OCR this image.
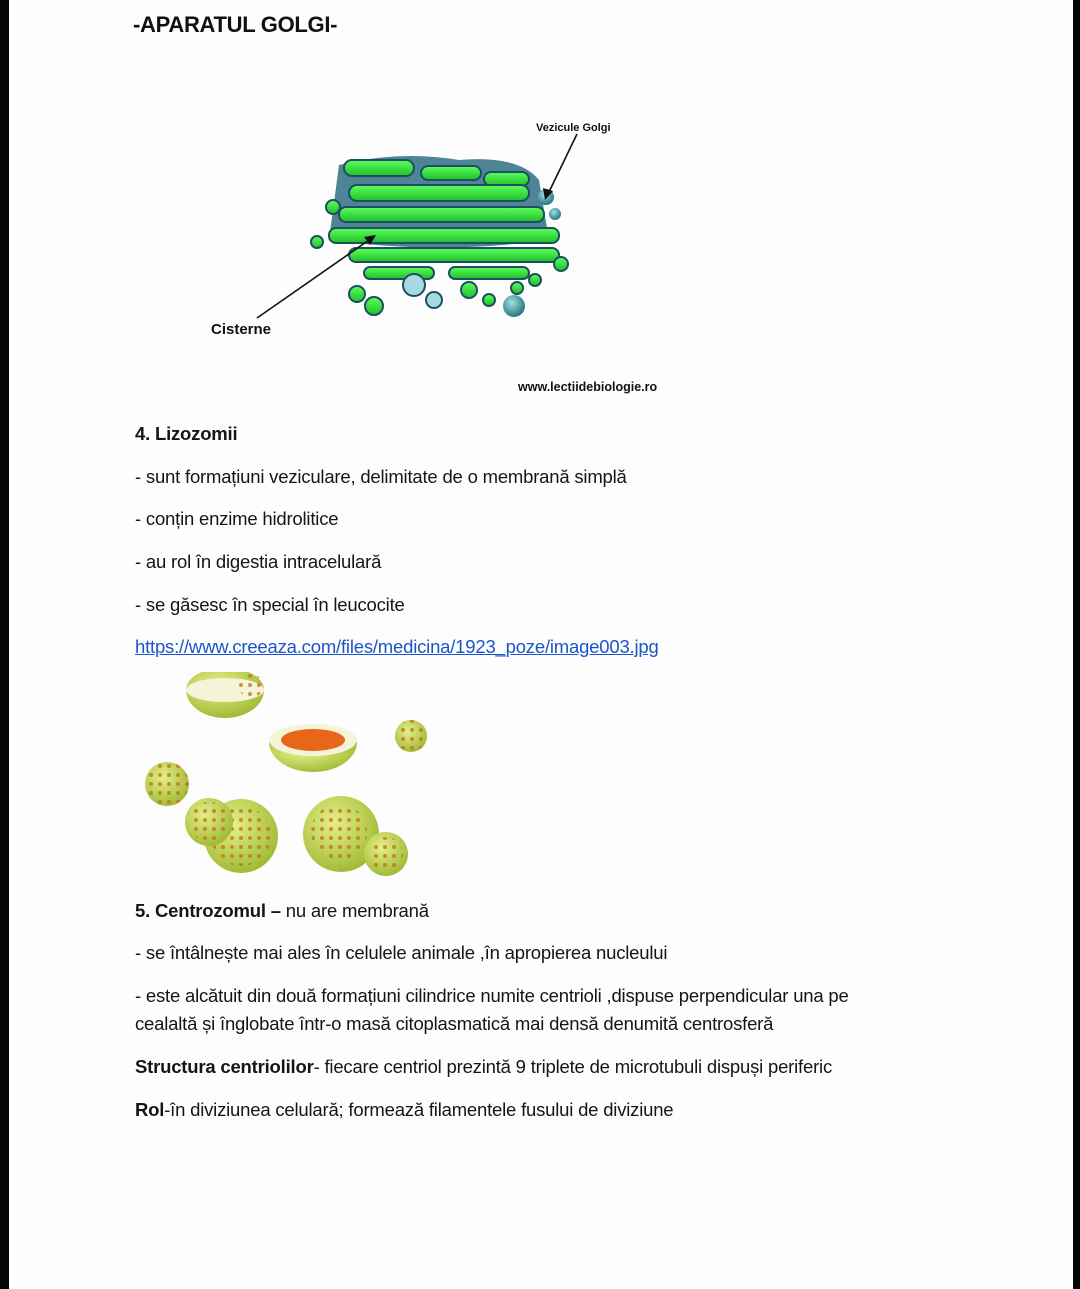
-APARATUL GOLGI-
Vezicule Golgi
Cisterne
www.lectiidebiologie.ro
4. Lizozomii
- sunt formațiuni veziculare, delimitate de o membrană simplă
- conțin enzime hidrolitice
- au rol în digestia intracelulară
- se găsesc în special în leucocite
https://www.creeaza.com/files/medicina/1923_poze/image003.jpg
5. Centrozomul – nu are membrană
- se întâlnește mai ales în celulele animale ,în apropierea nucleului
- este alcătuit din două formațiuni cilindrice numite centrioli ,dispuse perpendicular una pe
cealaltă și înglobate într-o masă citoplasmatică mai densă denumită centrosferă
Structura centriolilor- fiecare centriol prezintă 9 triplete de microtubuli dispuși periferic
Rol-în diviziunea celulară; formează filamentele fusului de diviziune
